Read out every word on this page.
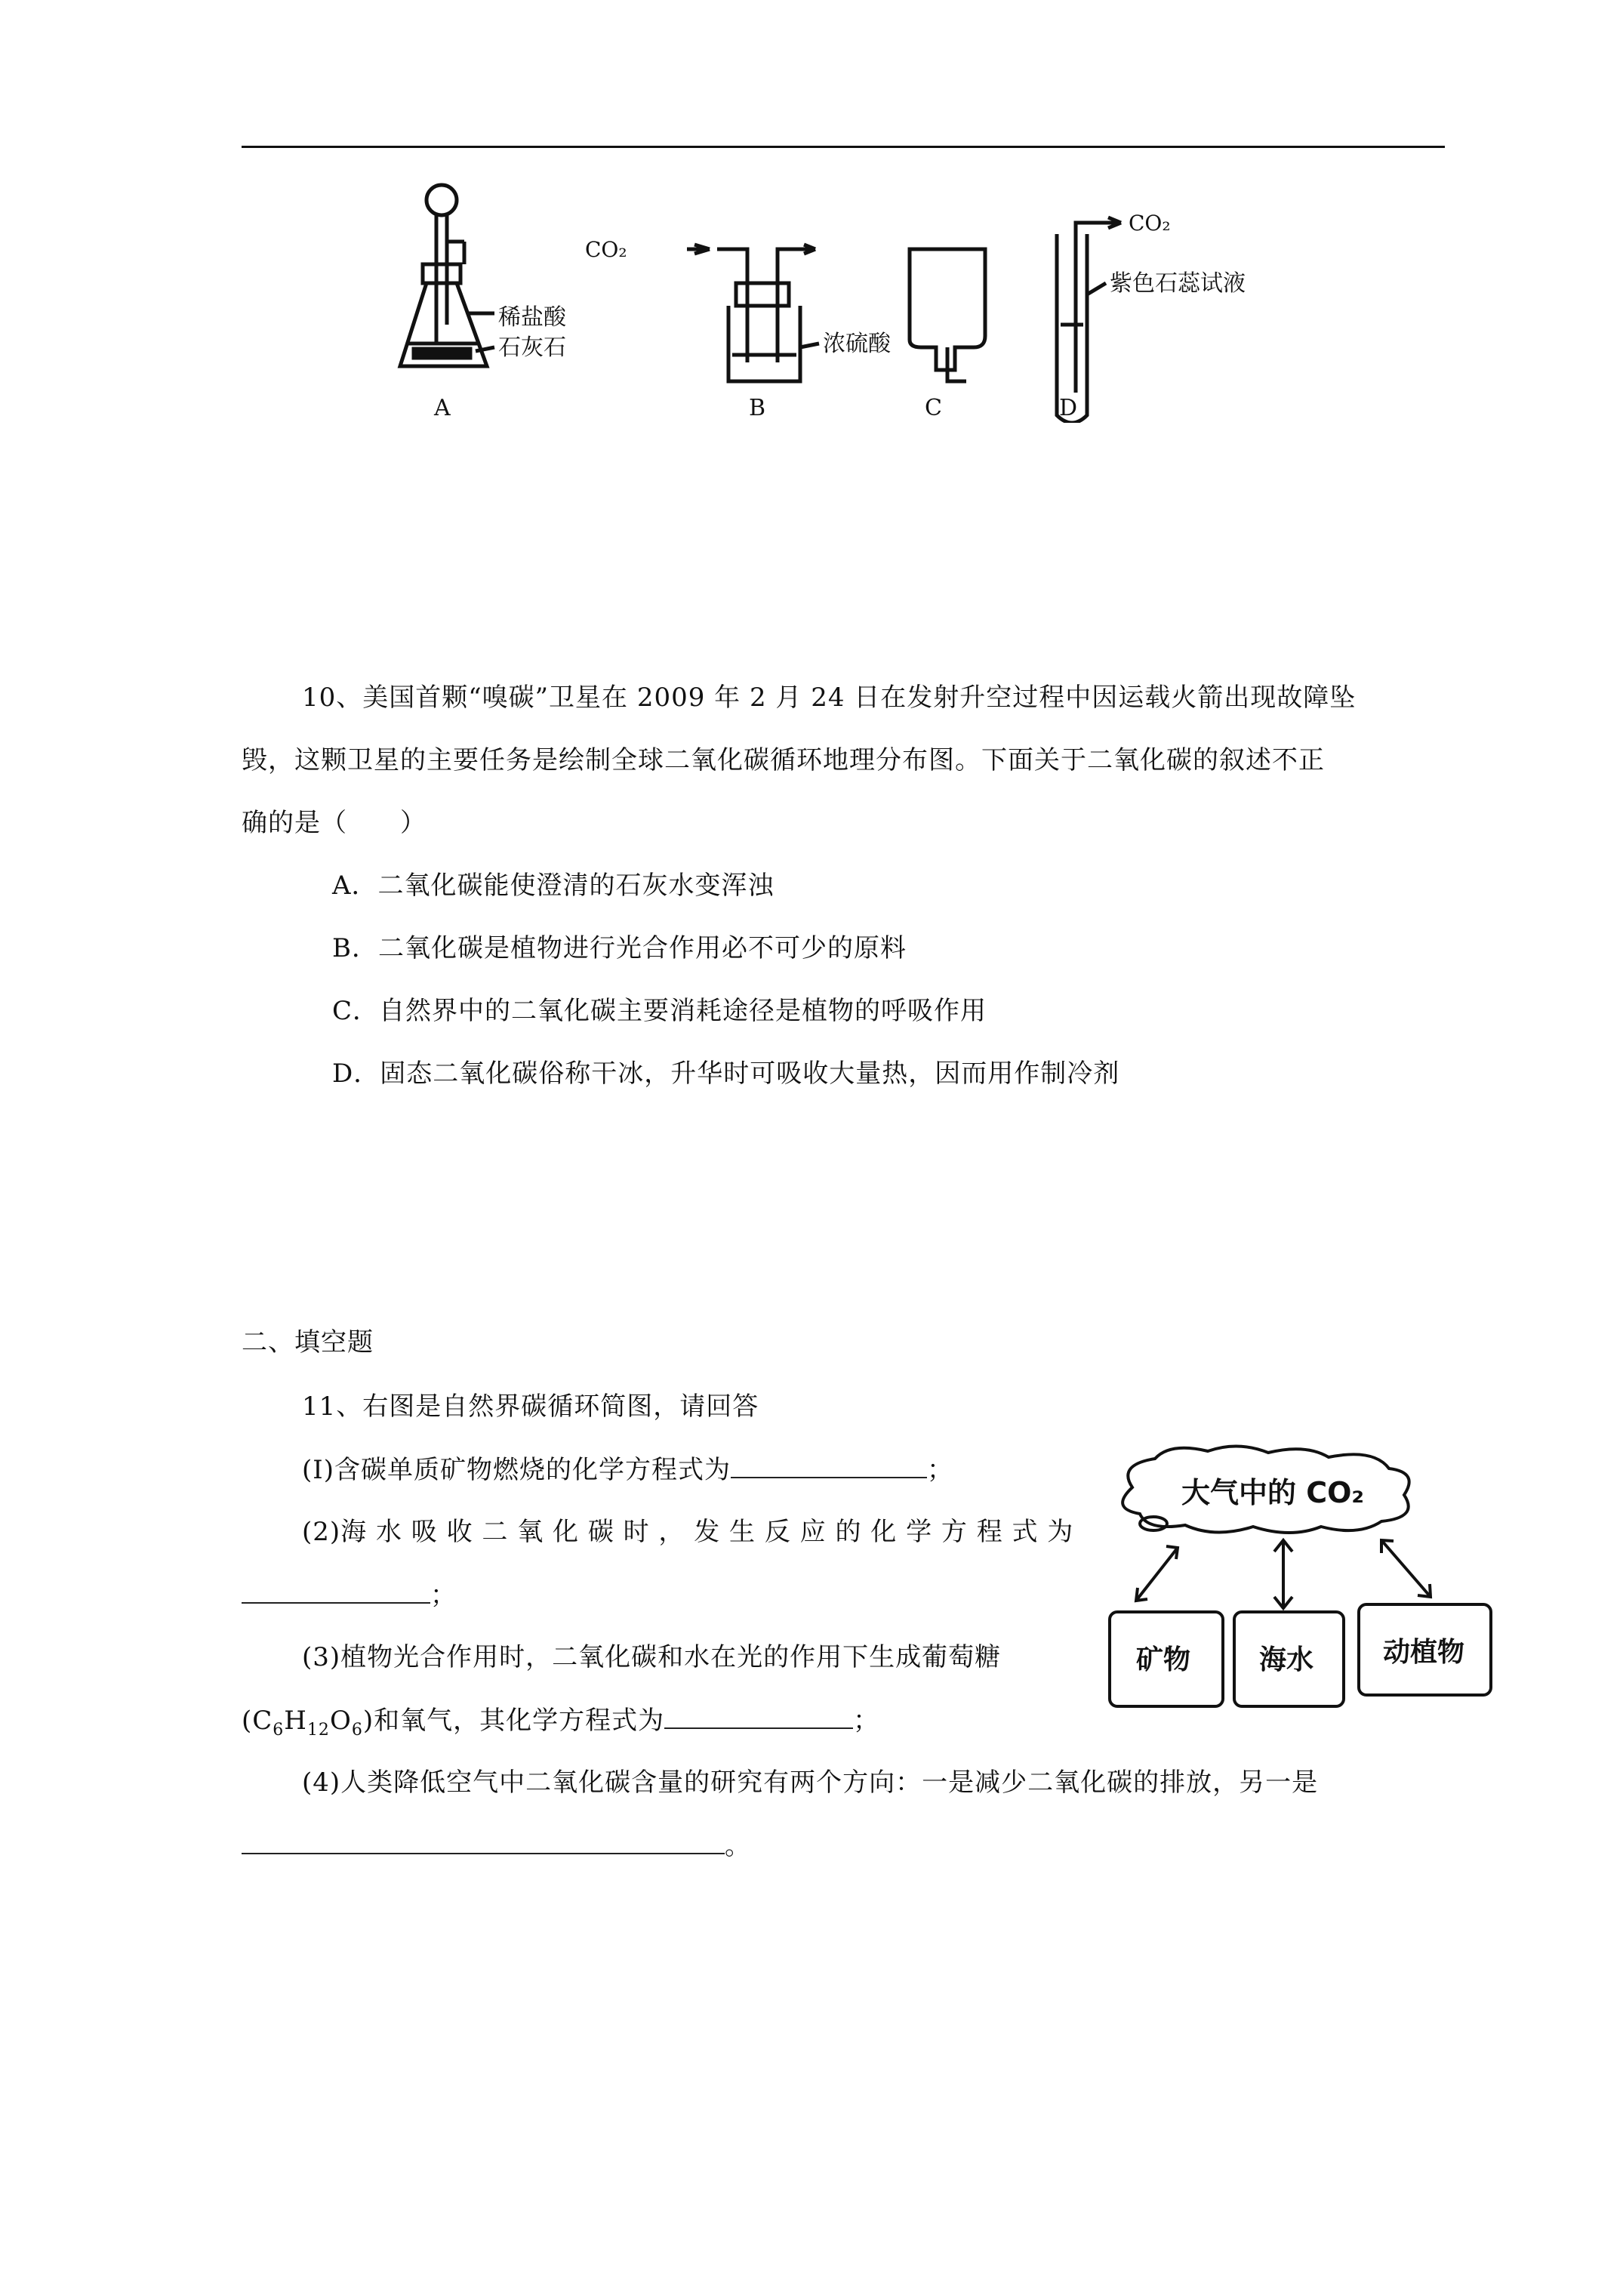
稀盐酸
石灰石
A
CO₂
浓硫酸
B	C
CO₂
紫色石蕊试液
D
10、美国首颗“嗅碳”卫星在 2009 年 2 月 24 日在发射升空过程中因运载火箭出现故障坠
毁，这颗卫星的主要任务是绘制全球二氧化碳循环地理分布图。下面关于二氧化碳的叙述不正
确的是（　　）
A．二氧化碳能使澄清的石灰水变浑浊
B．二氧化碳是植物进行光合作用必不可少的原料
C．自然界中的二氧化碳主要消耗途径是植物的呼吸作用
D．固态二氧化碳俗称干冰，升华时可吸收大量热，因而用作制冷剂
二、填空题
11、右图是自然界碳循环简图，请回答
(I)含碳单质矿物燃烧的化学方程式为	；
(2)海 水 吸 收 二 氧 化 碳 时 ， 发 生 反 应 的 化 学 方 程 式 为
；
(3)植物光合作用时，二氧化碳和水在光的作用下生成葡萄糖
$(C_6H_{12}O_6)$和氧气，其化学方程式为	；
(4)人类降低空气中二氧化碳含量的研究有两个方向：一是减少二氧化碳的排放，另一是
。
大气中的 CO₂
矿物	海水	动植物
